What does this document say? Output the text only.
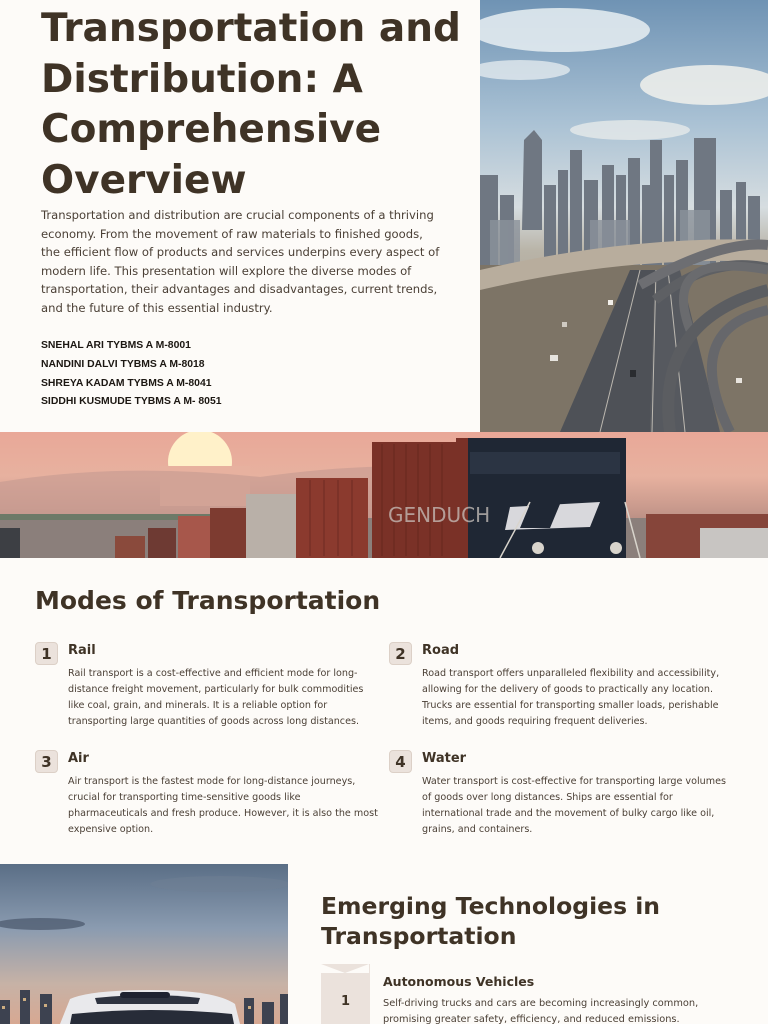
Transportation and Distribution: A Comprehensive Overview

Transportation and distribution are crucial components of a thriving economy. From the movement of raw materials to finished goods, the efficient flow of products and services underpins every aspect of modern life. This presentation will explore the diverse modes of transportation, their advantages and disadvantages, current trends, and the future of this essential industry.

SNEHAL ARI TYBMS A M-8001
NANDINI DALVI TYBMS A M-8018
SHREYA KADAM TYBMS A M-8041
SIDDHI KUSMUDE TYBMS A M- 8051
GENDUCH
Modes of Transportation
1	Rail

Rail transport is a cost-effective and efficient mode for long-distance freight movement, particularly for bulk commodities like coal, grain, and minerals. It is a reliable option for transporting large quantities of goods across long distances.

2	Road

Road transport offers unparalleled flexibility and accessibility, allowing for the delivery of goods to practically any location. Trucks are essential for transporting smaller loads, perishable items, and goods requiring frequent deliveries.

3	Air

Air transport is the fastest mode for long-distance journeys, crucial for transporting time-sensitive goods like pharmaceuticals and fresh produce. However, it is also the most expensive option.

4	Water

Water transport is cost-effective for transporting large volumes of goods over long distances. Ships are essential for international trade and the movement of bulky cargo like oil, grains, and containers.

Emerging Technologies in Transportation
1
Autonomous Vehicles

Self-driving trucks and cars are becoming increasingly common, promising greater safety, efficiency, and reduced emissions.
